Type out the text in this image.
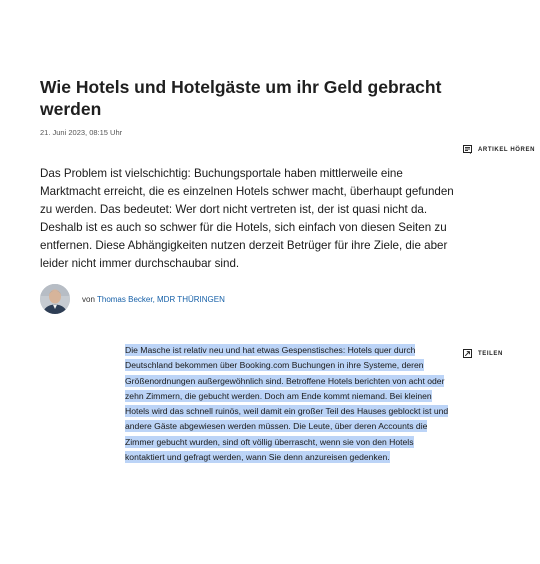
Wie Hotels und Hotelgäste um ihr Geld gebracht werden
21. Juni 2023, 08:15 Uhr
ARTIKEL HÖREN

Das Problem ist vielschichtig: Buchungsportale haben mittlerweile eine Marktmacht erreicht, die es einzelnen Hotels schwer macht, überhaupt gefunden zu werden. Das bedeutet: Wer dort nicht vertreten ist, der ist quasi nicht da. Deshalb ist es auch so schwer für die Hotels, sich einfach von diesen Seiten zu entfernen. Diese Abhängigkeiten nutzen derzeit Betrüger für ihre Ziele, die aber leider nicht immer durchschaubar sind.

von Thomas Becker, MDR THÜRINGEN
TEILEN

Die Masche ist relativ neu und hat etwas Gespenstisches: Hotels quer durch Deutschland bekommen über Booking.com Buchungen in ihre Systeme, deren Größenordnungen außergewöhnlich sind. Betroffene Hotels berichten von acht oder zehn Zimmern, die gebucht werden. Doch am Ende kommt niemand. Bei kleinen Hotels wird das schnell ruinös, weil damit ein großer Teil des Hauses geblockt ist und andere Gäste abgewiesen werden müssen. Die Leute, über deren Accounts die Zimmer gebucht wurden, sind oft völlig überrascht, wenn sie von den Hotels kontaktiert und gefragt werden, wann Sie denn anzureisen gedenken.
